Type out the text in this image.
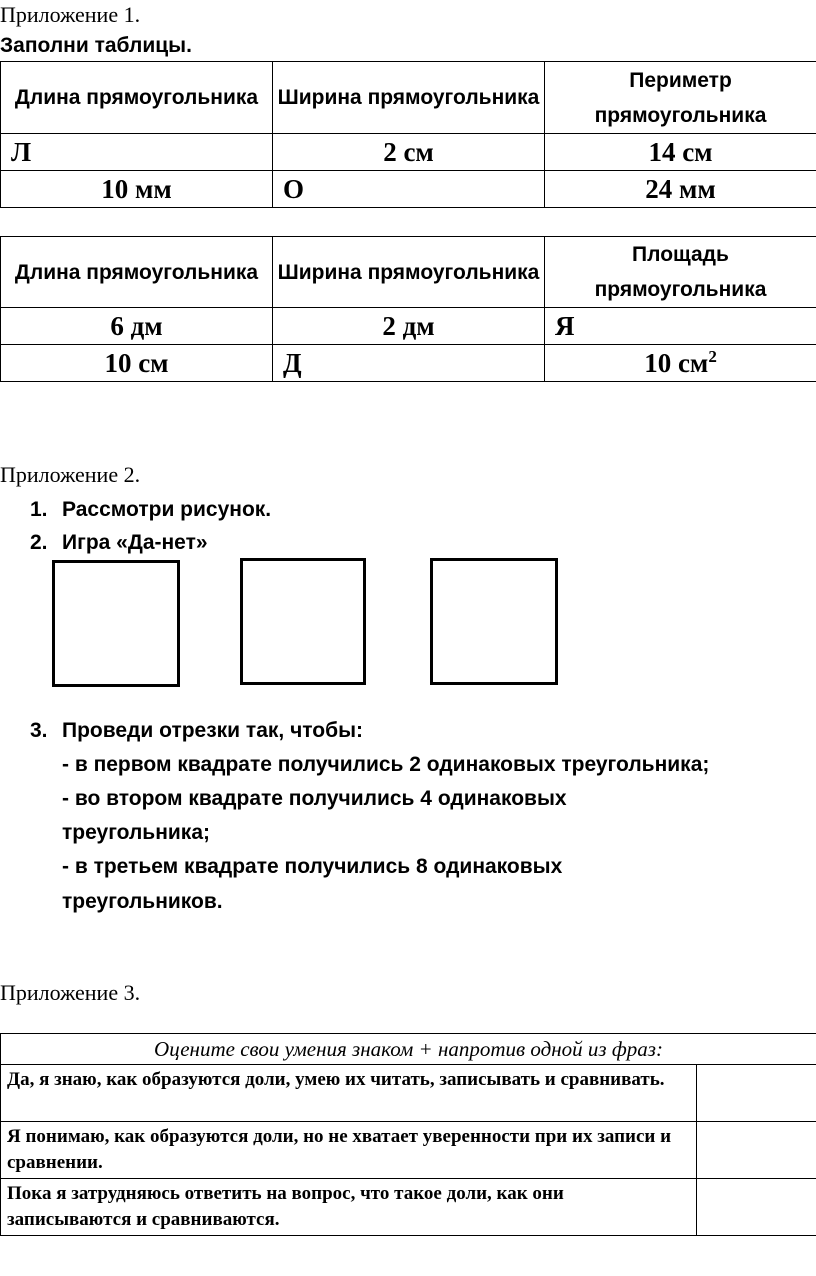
Приложение 1.
Заполни таблицы.
Длина прямоугольника	Ширина прямоугольника	Периметр прямоугольника
Л	2 см	14 см
10 мм	О	24 мм
Длина прямоугольника	Ширина прямоугольника	Площадь прямоугольника
6 дм	2 дм	Я
10 см	Д	10 $см^2$
Приложение 2.
1. Рассмотри рисунок.
2. Игра «Да-нет»
3. Проведи отрезки так, чтобы:
- в первом квадрате получились 2 одинаковых треугольника;
- во втором квадрате получились 4 одинаковых
треугольника;
- в третьем квадрате получились 8 одинаковых
треугольников.
Приложение 3.
Оцените свои умения знаком + напротив одной из фраз:	
Да, я знаю, как образуются доли, умею их читать, записывать и сравнивать.	
Я понимаю, как образуются доли, но не хватает уверенности при их записи и сравнении.	
Пока я затрудняюсь ответить на вопрос, что такое доли, как они записываются и сравниваются.	
